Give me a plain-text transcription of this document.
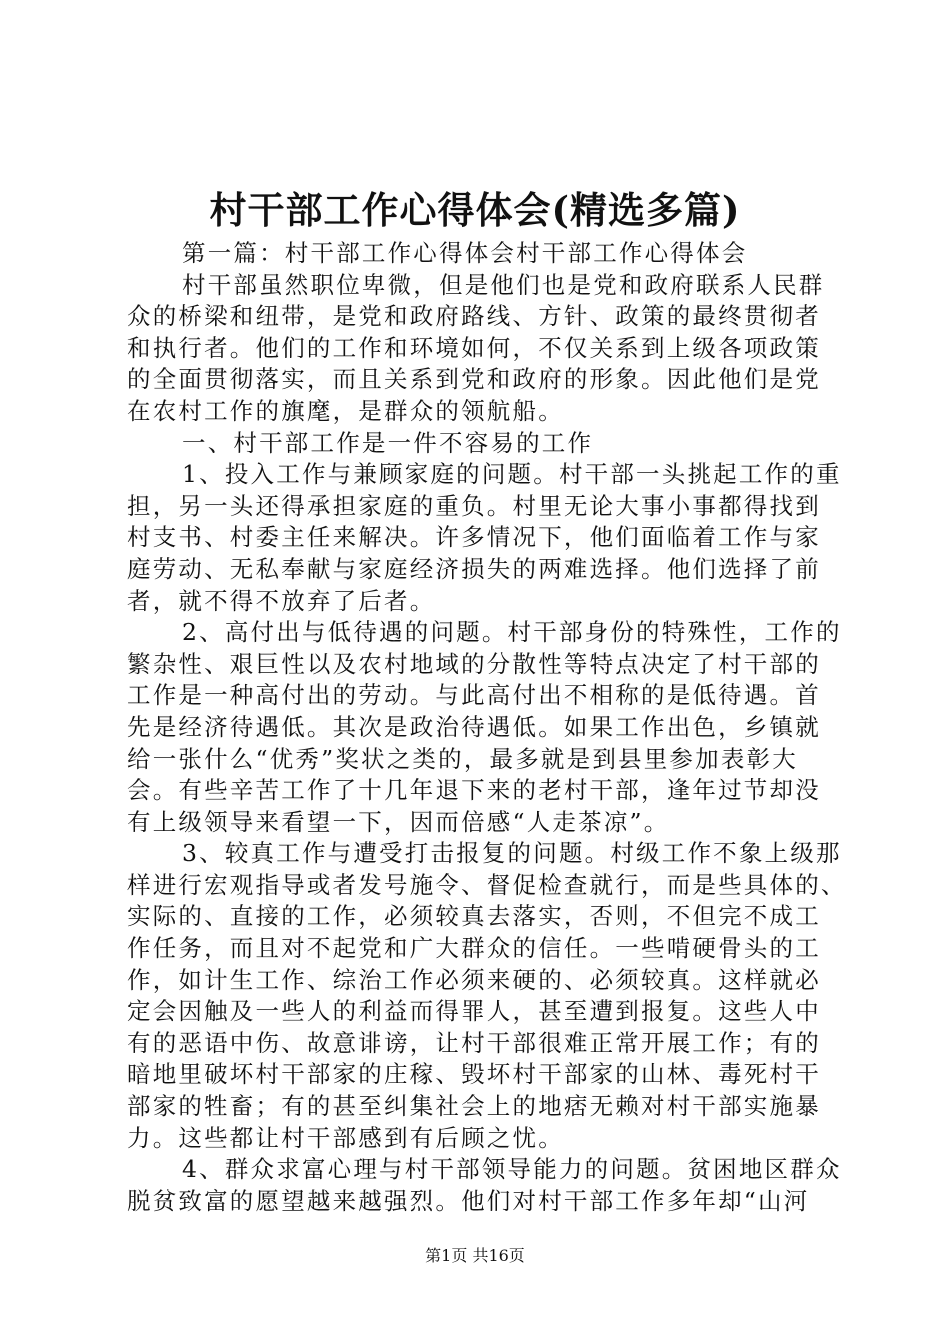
村干部工作心得体会(精选多篇)
第一篇：村干部工作心得体会村干部工作心得体会
村干部虽然职位卑微，但是他们也是党和政府联系人民群
众的桥梁和纽带，是党和政府路线、方针、政策的最终贯彻者
和执行者。他们的工作和环境如何，不仅关系到上级各项政策
的全面贯彻落实，而且关系到党和政府的形象。因此他们是党
在农村工作的旗麾，是群众的领航船。
一、村干部工作是一件不容易的工作
1、投入工作与兼顾家庭的问题。村干部一头挑起工作的重
担，另一头还得承担家庭的重负。村里无论大事小事都得找到
村支书、村委主任来解决。许多情况下，他们面临着工作与家
庭劳动、无私奉献与家庭经济损失的两难选择。他们选择了前
者，就不得不放弃了后者。
2、高付出与低待遇的问题。村干部身份的特殊性，工作的
繁杂性、艰巨性以及农村地域的分散性等特点决定了村干部的
工作是一种高付出的劳动。与此高付出不相称的是低待遇。首
先是经济待遇低。其次是政治待遇低。如果工作出色，乡镇就
给一张什么“优秀”奖状之类的，最多就是到县里参加表彰大
会。有些辛苦工作了十几年退下来的老村干部，逢年过节却没
有上级领导来看望一下，因而倍感“人走茶凉”。
3、较真工作与遭受打击报复的问题。村级工作不象上级那
样进行宏观指导或者发号施令、督促检查就行，而是些具体的、
实际的、直接的工作，必须较真去落实，否则，不但完不成工
作任务，而且对不起党和广大群众的信任。一些啃硬骨头的工
作，如计生工作、综治工作必须来硬的、必须较真。这样就必
定会因触及一些人的利益而得罪人，甚至遭到报复。这些人中
有的恶语中伤、故意诽谤，让村干部很难正常开展工作；有的
暗地里破坏村干部家的庄稼、毁坏村干部家的山林、毒死村干
部家的牲畜；有的甚至纠集社会上的地痞无赖对村干部实施暴
力。这些都让村干部感到有后顾之忧。
4、群众求富心理与村干部领导能力的问题。贫困地区群众
脱贫致富的愿望越来越强烈。他们对村干部工作多年却“山河
第1页 共16页
